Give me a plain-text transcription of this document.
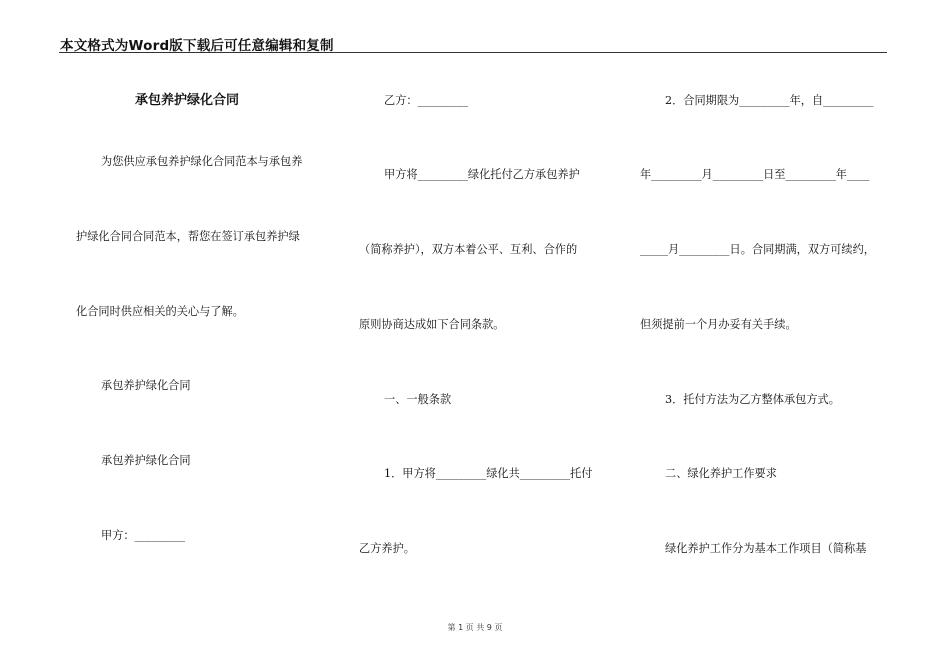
本文格式为Word版下载后可任意编辑和复制
承包养护绿化合同
为您供应承包养护绿化合同范本与承包养
护绿化合同合同范本，帮您在签订承包养护绿
化合同时供应相关的关心与了解。
承包养护绿化合同
承包养护绿化合同
甲方：_________
乙方：_________
甲方将_________绿化托付乙方承包养护
（简称养护），双方本着公平、互利、合作的
原则协商达成如下合同条款。
一、一般条款
1．甲方将_________绿化共_________托付
乙方养护。
2．合同期限为_________年，自_________
年_________月_________日至_________年____
_____月_________日。合同期满，双方可续约，
但须提前一个月办妥有关手续。
3．托付方法为乙方整体承包方式。
二、绿化养护工作要求
绿化养护工作分为基本工作项目（简称基
第 1 页 共 9 页
